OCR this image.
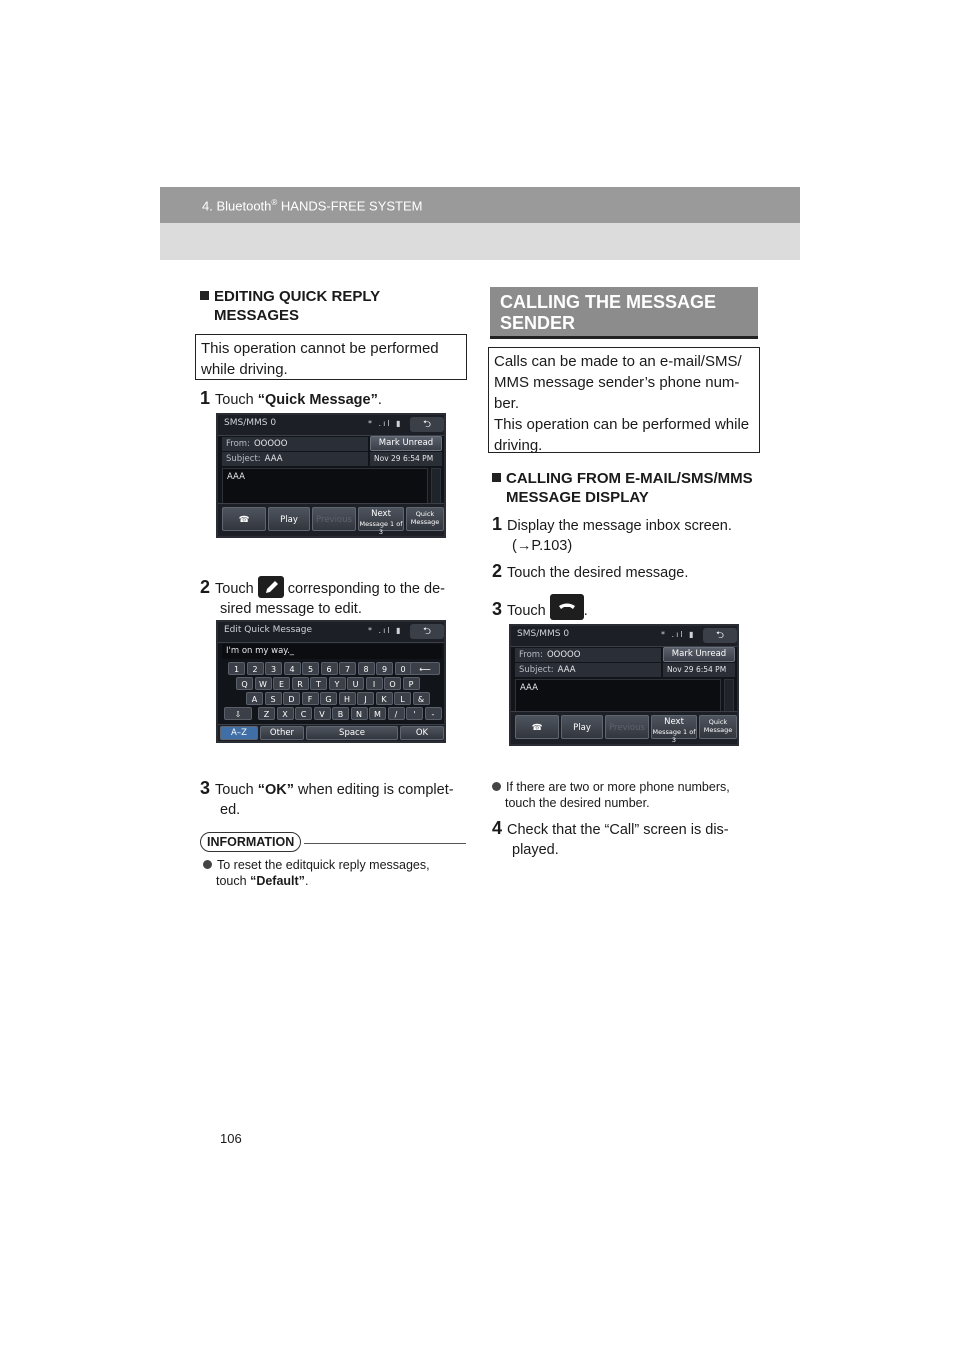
4. Bluetooth® HANDS-FREE SYSTEM
EDITING QUICK REPLY
MESSAGES
This operation cannot be performed while driving.
1 Touch “Quick Message”.
SMS/MMS 0	* .ıl ▮	⮌
From: OOOOO	Mark Unread
Subject: AAA	Nov 29 6:54 PM
AAA
☎	Play	Previous
Next
Message 1 of 3
Quick
Message
2 Touch corresponding to the de-
sired message to edit.
Edit Quick Message	* .ıl ▮	⮌
I'm on my way._
1	2	3	4	5	6	7	8	9	0	⟵
Q	W	E	R	T	Y	U	I	O	P
A	S	D	F	G	H	J	K	L	&
Z	X	C	V	B	N	M	/	'	-
⇩
A–Z	Other	Space	OK
3 Touch “OK” when editing is complet-
ed.
INFORMATION
To reset the editquick reply messages,
touch “Default”.
CALLING THE MESSAGE
SENDER
Calls can be made to an e-mail/SMS/ MMS message sender’s phone num- ber.
This operation can be performed while driving.
CALLING FROM E-MAIL/SMS/MMS
MESSAGE DISPLAY
1 Display the message inbox screen.
(→P.103)
2 Touch the desired message.
3 Touch	.
SMS/MMS 0	* .ıl ▮	⮌
From: OOOOO	Mark Unread
Subject: AAA	Nov 29 6:54 PM
AAA
☎	Play	Previous
Next
Message 1 of 3
Quick
Message
If there are two or more phone numbers,
touch the desired number.
4 Check that the “Call” screen is dis-
played.
106
